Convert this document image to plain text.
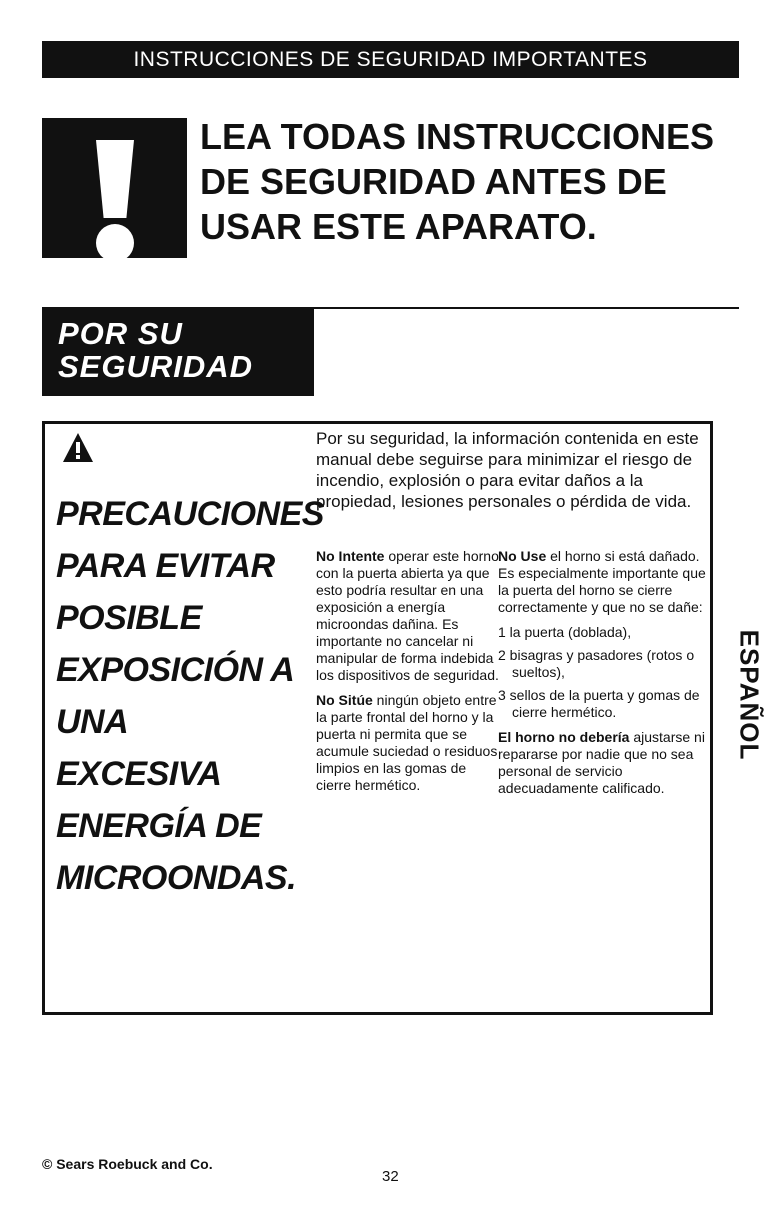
INSTRUCCIONES DE SEGURIDAD IMPORTANTES
LEA TODAS INSTRUCCIONES
DE SEGURIDAD ANTES DE
USAR ESTE APARATO.
POR SU
SEGURIDAD
PRECAUCIONES
PARA EVITAR
POSIBLE
EXPOSICIÓN A
UNA EXCESIVA
ENERGÍA DE
MICROONDAS.
Por su seguridad, la información contenida en este manual debe seguirse para minimizar el riesgo de incendio, explosión o para evitar daños a la propiedad, lesiones personales o pérdida de vida.

No Intente operar este horno con la puerta abierta ya que esto podría resultar en una exposición a energía microondas dañina. Es importante no cancelar ni manipular de forma indebida los dispositivos de seguridad.

No Sitúe ningún objeto entre la parte frontal del horno y la puerta ni permita que se acumule suciedad o residuos limpios en las gomas de cierre hermético.

No Use el horno si está dañado. Es especialmente importante que la puerta del horno se cierre correctamente y que no se dañe:

1 la puerta (doblada),
2 bisagras y pasadores (rotos o sueltos),
3 sellos de la puerta y gomas de cierre hermético.

El horno no debería ajustarse ni repararse por nadie que no sea personal de servicio adecuadamente calificado.

ESPAÑOL
© Sears Roebuck and Co.
32
